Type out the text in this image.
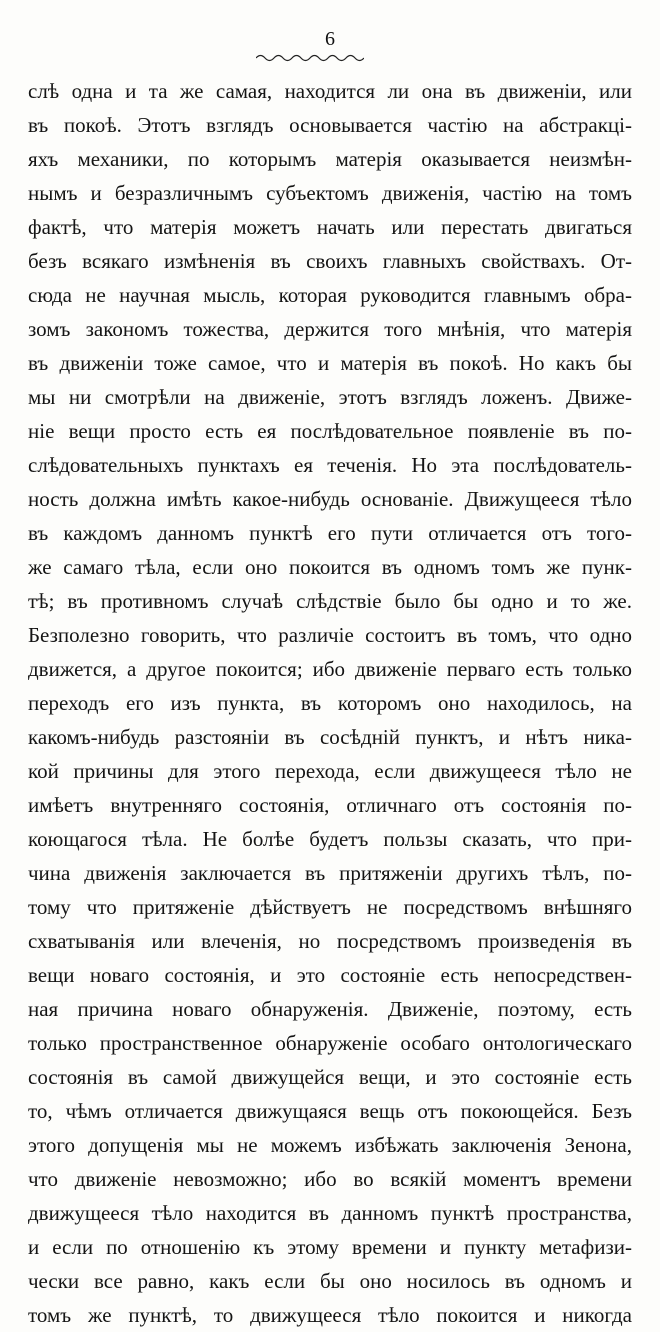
6
слѣ одна и та же самая, находится ли она въ движеніи, или
въ покоѣ. Этотъ взглядъ основывается частію на абстракці-
яхъ механики, по которымъ матерія оказывается неизмѣн-
нымъ и безразличнымъ субъектомъ движенія, частію на томъ
фактѣ, что матерія можетъ начать или перестать двигаться
безъ всякаго измѣненія въ своихъ главныхъ свойствахъ. От-
сюда не научная мысль, которая руководится главнымъ обра-
зомъ закономъ тожества, держится того мнѣнія, что матерія
въ движеніи тоже самое, что и матерія въ покоѣ. Но какъ бы
мы ни смотрѣли на движеніе, этотъ взглядъ ложенъ. Движе-
ніе вещи просто есть ея послѣдовательное появленіе въ по-
слѣдовательныхъ пунктахъ ея теченія. Но эта послѣдователь-
ность должна имѣть какое-нибудь основаніе. Движущееся тѣло
въ каждомъ данномъ пунктѣ его пути отличается отъ того-
же самаго тѣла, если оно покоится въ одномъ томъ же пунк-
тѣ; въ противномъ случаѣ слѣдствіе было бы одно и то же.
Безполезно говорить, что различіе состоитъ въ томъ, что одно
движется, а другое покоится; ибо движеніе перваго есть только
переходъ его изъ пункта, въ которомъ оно находилось, на
какомъ-нибудь разстояніи въ сосѣдній пунктъ, и нѣтъ ника-
кой причины для этого перехода, если движущееся тѣло не
имѣетъ внутренняго состоянія, отличнаго отъ состоянія по-
коющагося тѣла. Не болѣе будетъ пользы сказать, что при-
чина движенія заключается въ притяженіи другихъ тѣлъ, по-
тому что притяженіе дѣйствуетъ не посредствомъ внѣшняго
схватыванія или влеченія, но посредствомъ произведенія въ
вещи новаго состоянія, и это состояніе есть непосредствен-
ная причина новаго обнаруженія. Движеніе, поэтому, есть
только пространственное обнаруженіе особаго онтологическаго
состоянія въ самой движущейся вещи, и это состояніе есть
то, чѣмъ отличается движущаяся вещь отъ покоющейся. Безъ
этого допущенія мы не можемъ избѣжать заключенія Зенона,
что движеніе невозможно; ибо во всякій моментъ времени
движущееся тѣло находится въ данномъ пунктѣ пространства,
и если по отношенію къ этому времени и пункту метафизи-
чески все равно, какъ если бы оно носилось въ одномъ и
томъ же пунктѣ, то движущееся тѣло покоится и никогда
